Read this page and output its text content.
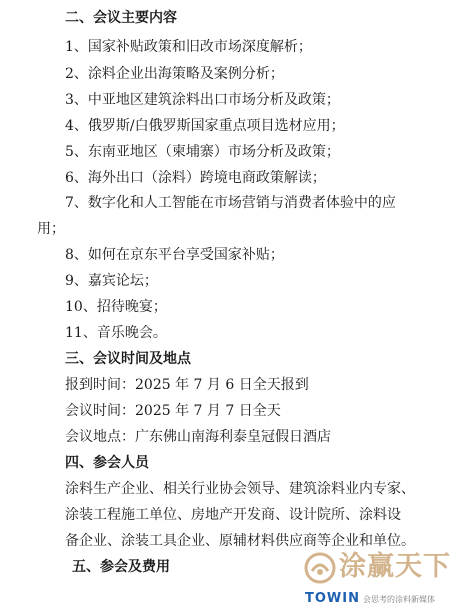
二、会议主要内容
1、国家补贴政策和旧改市场深度解析；
2、涂料企业出海策略及案例分析；
3、中亚地区建筑涂料出口市场分析及政策；
4、俄罗斯/白俄罗斯国家重点项目选材应用；
5、东南亚地区（柬埔寨）市场分析及政策；
6、海外出口（涂料）跨境电商政策解读；
7、数字化和人工智能在市场营销与消费者体验中的应
用；
8、如何在京东平台享受国家补贴；
9、嘉宾论坛；
10、招待晚宴；
11、音乐晚会。
三、会议时间及地点
报到时间：2025 年 7 月 6 日全天报到
会议时间：2025 年 7 月 7 日全天
会议地点：广东佛山南海利泰皇冠假日酒店
四、参会人员
涂料生产企业、相关行业协会领导、建筑涂料业内专家、
涂装工程施工单位、房地产开发商、设计院所、涂料设
备企业、涂装工具企业、原辅材料供应商等企业和单位。
五、参会及费用	涂赢天下
TOWIN 会思考的涂料新媒体
